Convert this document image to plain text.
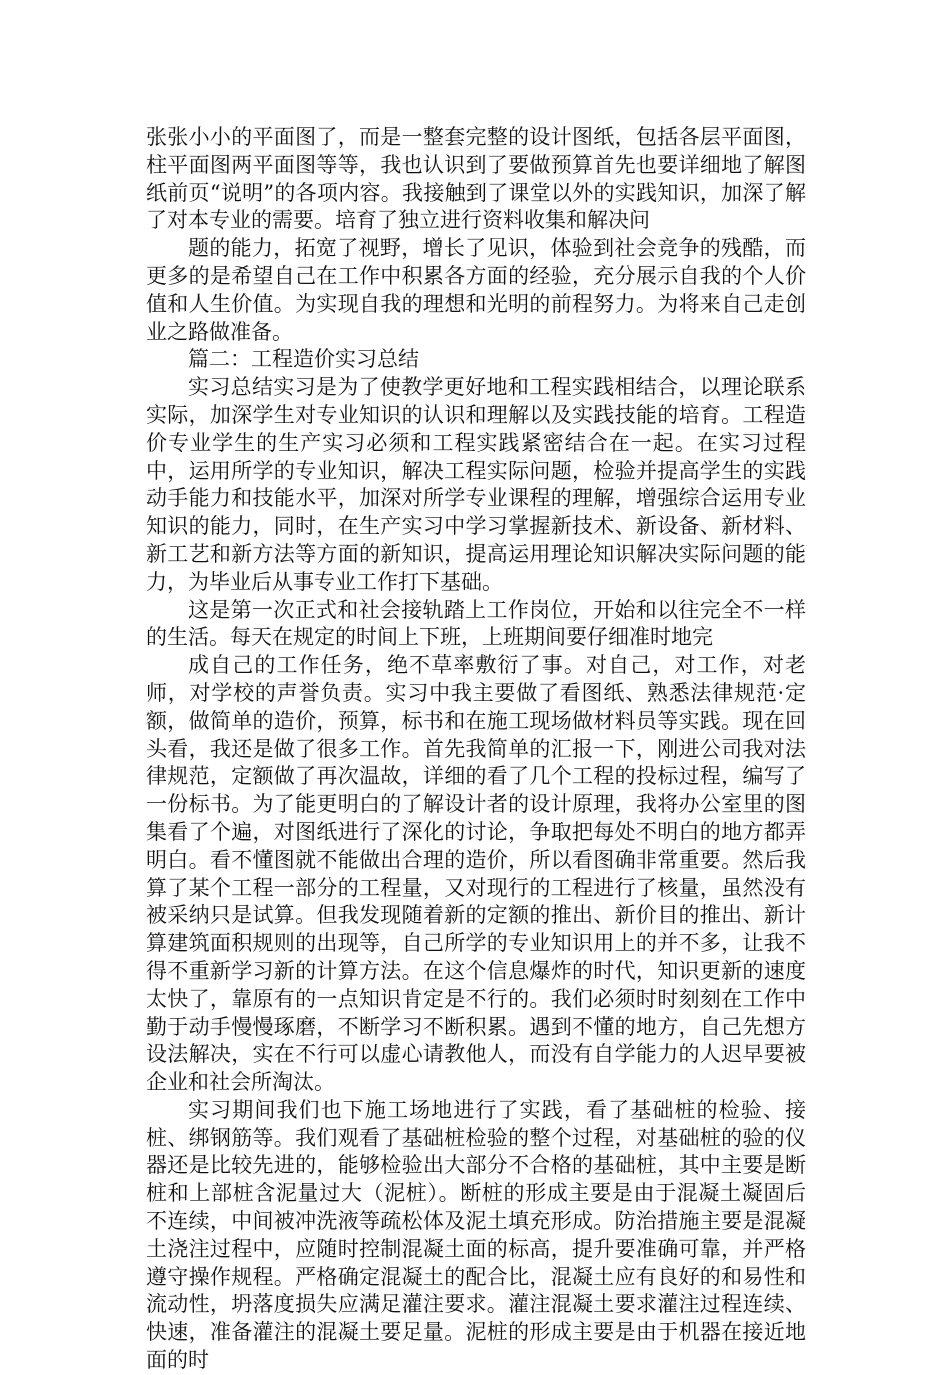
张张小小的平面图了，而是一整套完整的设计图纸，包括各层平面图，柱平面图两平面图等等，我也认识到了要做预算首先也要详细地了解图纸前页“说明”的各项内容。我接触到了课堂以外的实践知识，加深了解了对本专业的需要。培育了独立进行资料收集和解决问

题的能力，拓宽了视野，增长了见识，体验到社会竞争的残酷，而更多的是希望自己在工作中积累各方面的经验，充分展示自我的个人价值和人生价值。为实现自我的理想和光明的前程努力。为将来自己走创业之路做准备。

篇二：工程造价实习总结

实习总结实习是为了使教学更好地和工程实践相结合，以理论联系实际，加深学生对专业知识的认识和理解以及实践技能的培育。工程造价专业学生的生产实习必须和工程实践紧密结合在一起。在实习过程中，运用所学的专业知识，解决工程实际问题，检验并提高学生的实践动手能力和技能水平，加深对所学专业课程的理解，增强综合运用专业知识的能力，同时，在生产实习中学习掌握新技术、新设备、新材料、新工艺和新方法等方面的新知识，提高运用理论知识解决实际问题的能力，为毕业后从事专业工作打下基础。

这是第一次正式和社会接轨踏上工作岗位，开始和以往完全不一样的生活。每天在规定的时间上下班，上班期间要仔细准时地完

成自己的工作任务，绝不草率敷衍了事。对自己，对工作，对老师，对学校的声誉负责。实习中我主要做了看图纸、熟悉法律规范·定额，做简单的造价，预算，标书和在施工现场做材料员等实践。现在回头看，我还是做了很多工作。首先我简单的汇报一下，刚进公司我对法律规范，定额做了再次温故，详细的看了几个工程的投标过程，编写了一份标书。为了能更明白的了解设计者的设计原理，我将办公室里的图集看了个遍，对图纸进行了深化的讨论，争取把每处不明白的地方都弄明白。看不懂图就不能做出合理的造价，所以看图确非常重要。然后我算了某个工程一部分的工程量，又对现行的工程进行了核量，虽然没有被采纳只是试算。但我发现随着新的定额的推出、新价目的推出、新计算建筑面积规则的出现等，自己所学的专业知识用上的并不多，让我不得不重新学习新的计算方法。在这个信息爆炸的时代，知识更新的速度太快了，靠原有的一点知识肯定是不行的。我们必须时时刻刻在工作中勤于动手慢慢琢磨，不断学习不断积累。遇到不懂的地方，自己先想方设法解决，实在不行可以虚心请教他人，而没有自学能力的人迟早要被企业和社会所淘汰。

实习期间我们也下施工场地进行了实践，看了基础桩的检验、接桩、绑钢筋等。我们观看了基础桩检验的整个过程，对基础桩的验的仪器还是比较先进的，能够检验出大部分不合格的基础桩，其中主要是断桩和上部桩含泥量过大（泥桩）。断桩的形成主要是由于混凝土凝固后不连续，中间被冲洗液等疏松体及泥土填充形成。防治措施主要是混凝土浇注过程中，应随时控制混凝土面的标高，提升要准确可靠，并严格遵守操作规程。严格确定混凝土的配合比，混凝土应有良好的和易性和流动性，坍落度损失应满足灌注要求。灌注混凝土要求灌注过程连续、快速，准备灌注的混凝土要足量。泥桩的形成主要是由于机器在接近地面的时
